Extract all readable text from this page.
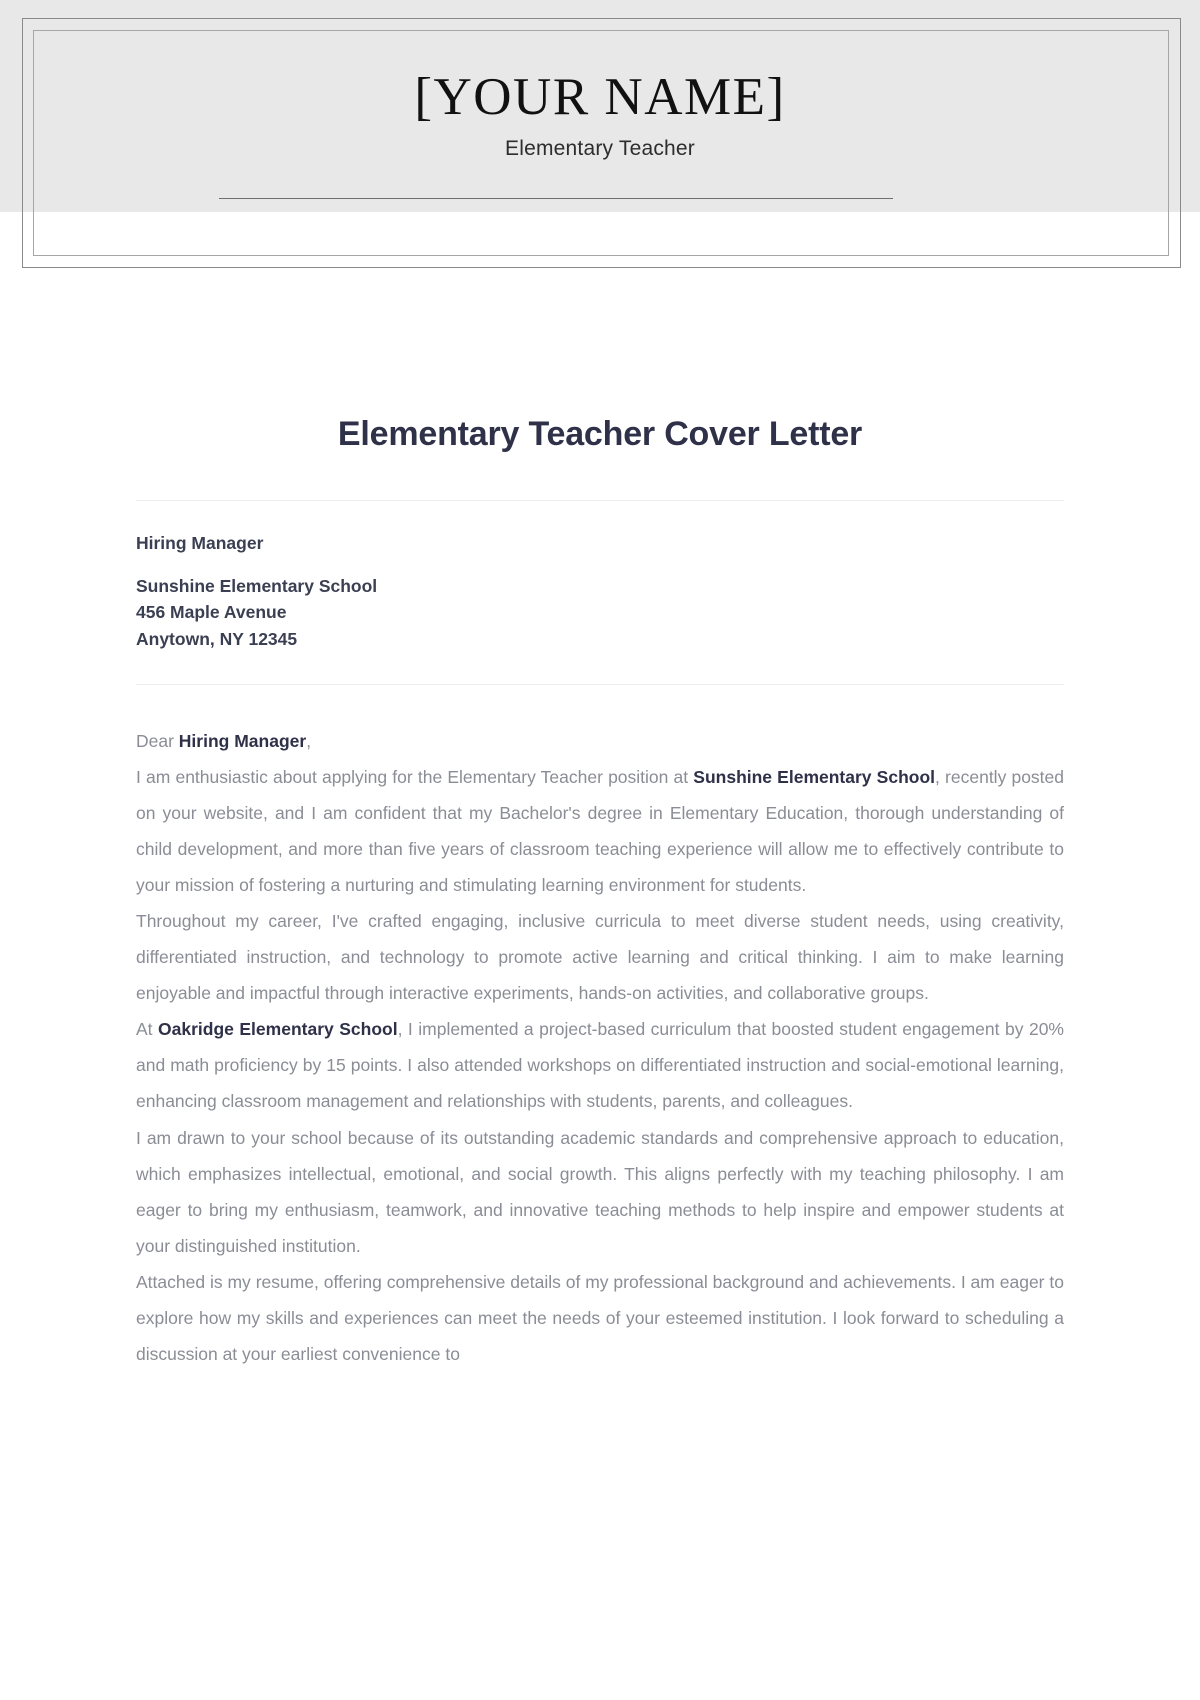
[YOUR NAME]
Elementary Teacher
Elementary Teacher Cover Letter

Hiring Manager

Sunshine Elementary School

456 Maple Avenue

Anytown, NY 12345

Dear Hiring Manager,

I am enthusiastic about applying for the Elementary Teacher position at Sunshine Elementary School, recently posted on your website, and I am confident that my Bachelor's degree in Elementary Education, thorough understanding of child development, and more than five years of classroom teaching experience will allow me to effectively contribute to your mission of fostering a nurturing and stimulating learning environment for students.

Throughout my career, I've crafted engaging, inclusive curricula to meet diverse student needs, using creativity, differentiated instruction, and technology to promote active learning and critical thinking. I aim to make learning enjoyable and impactful through interactive experiments, hands-on activities, and collaborative groups.

At Oakridge Elementary School, I implemented a project-based curriculum that boosted student engagement by 20% and math proficiency by 15 points. I also attended workshops on differentiated instruction and social-emotional learning, enhancing classroom management and relationships with students, parents, and colleagues.

I am drawn to your school because of its outstanding academic standards and comprehensive approach to education, which emphasizes intellectual, emotional, and social growth. This aligns perfectly with my teaching philosophy. I am eager to bring my enthusiasm, teamwork, and innovative teaching methods to help inspire and empower students at your distinguished institution.

Attached is my resume, offering comprehensive details of my professional background and achievements. I am eager to explore how my skills and experiences can meet the needs of your esteemed institution. I look forward to scheduling a discussion at your earliest convenience to
